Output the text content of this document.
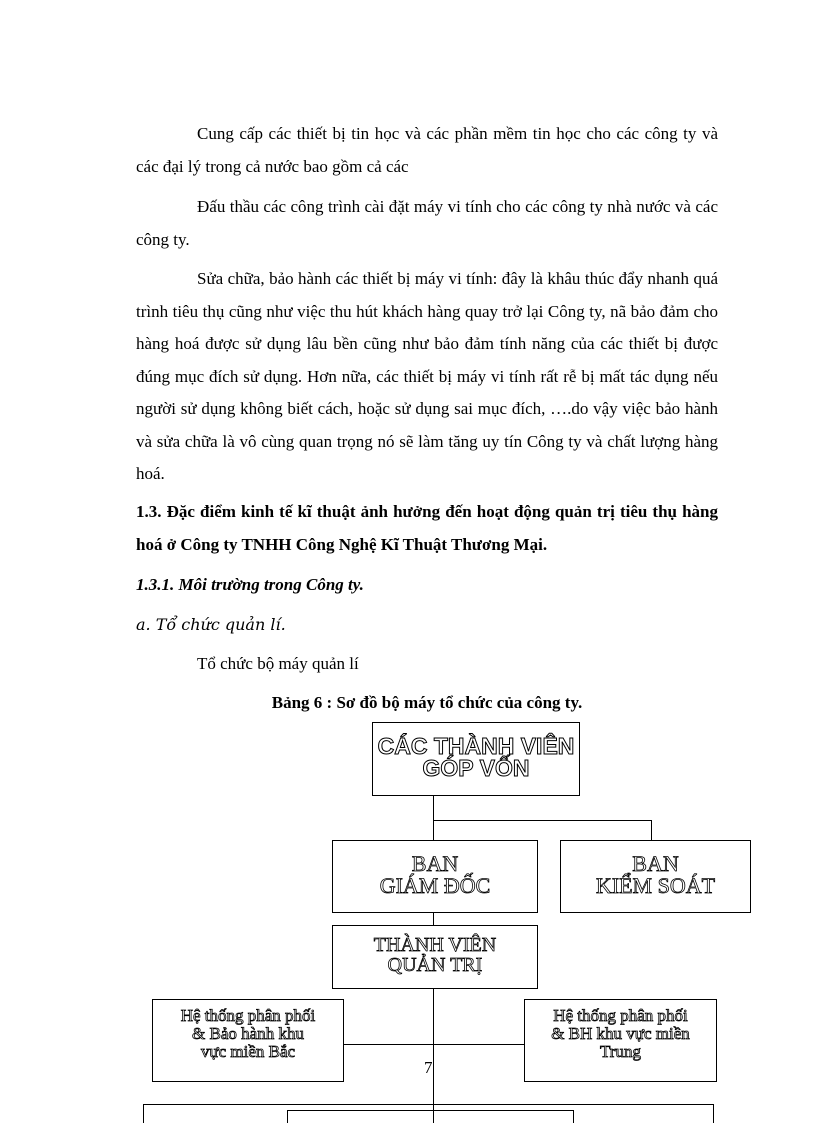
Cung cấp các thiết bị tin học và các phần mềm tin học cho các công ty và các đại lý trong cả nước bao gồm cả các

Đấu thầu các công trình cài đặt máy vi tính cho các công ty nhà nước và các công ty.

Sửa chữa, bảo hành các thiết bị máy vi tính: đây là khâu thúc đẩy nhanh quá trình tiêu thụ cũng như việc thu hút khách hàng quay trở lại Công ty, nã bảo đảm cho hàng hoá được sử dụng lâu bền cũng như bảo đảm tính năng của các thiết bị được đúng mục đích sử dụng. Hơn nữa, các thiết bị máy vi tính rất rễ bị mất tác dụng nếu người sử dụng không biết cách, hoặc sử dụng sai mục đích, ….do vậy việc bảo hành và sửa chữa là vô cùng quan trọng nó sẽ làm tăng uy tín Công ty và chất lượng hàng hoá.

1.3. Đặc điểm kinh tế kĩ thuật ảnh hưởng đến hoạt động quản trị tiêu thụ hàng hoá ở Công ty TNHH Công Nghệ Kĩ Thuật Thương Mại.

1.3.1. Môi trường trong Công ty.

a. Tổ chức quản lí.

Tổ chức bộ máy quản lí

Bảng 6 : Sơ đồ bộ máy tổ chức của công ty.
CÁC THÀNH VIÊN
GÓP VỐN
BAN
GIÁM ĐỐC
BAN
KIỂM SOÁT
THÀNH VIÊN
QUẢN TRỊ
Hệ thống phân phối
& Bảo hành khu
vực miền Bắc
Hệ thống phân phối
& BH khu vực miền
Trung
7
